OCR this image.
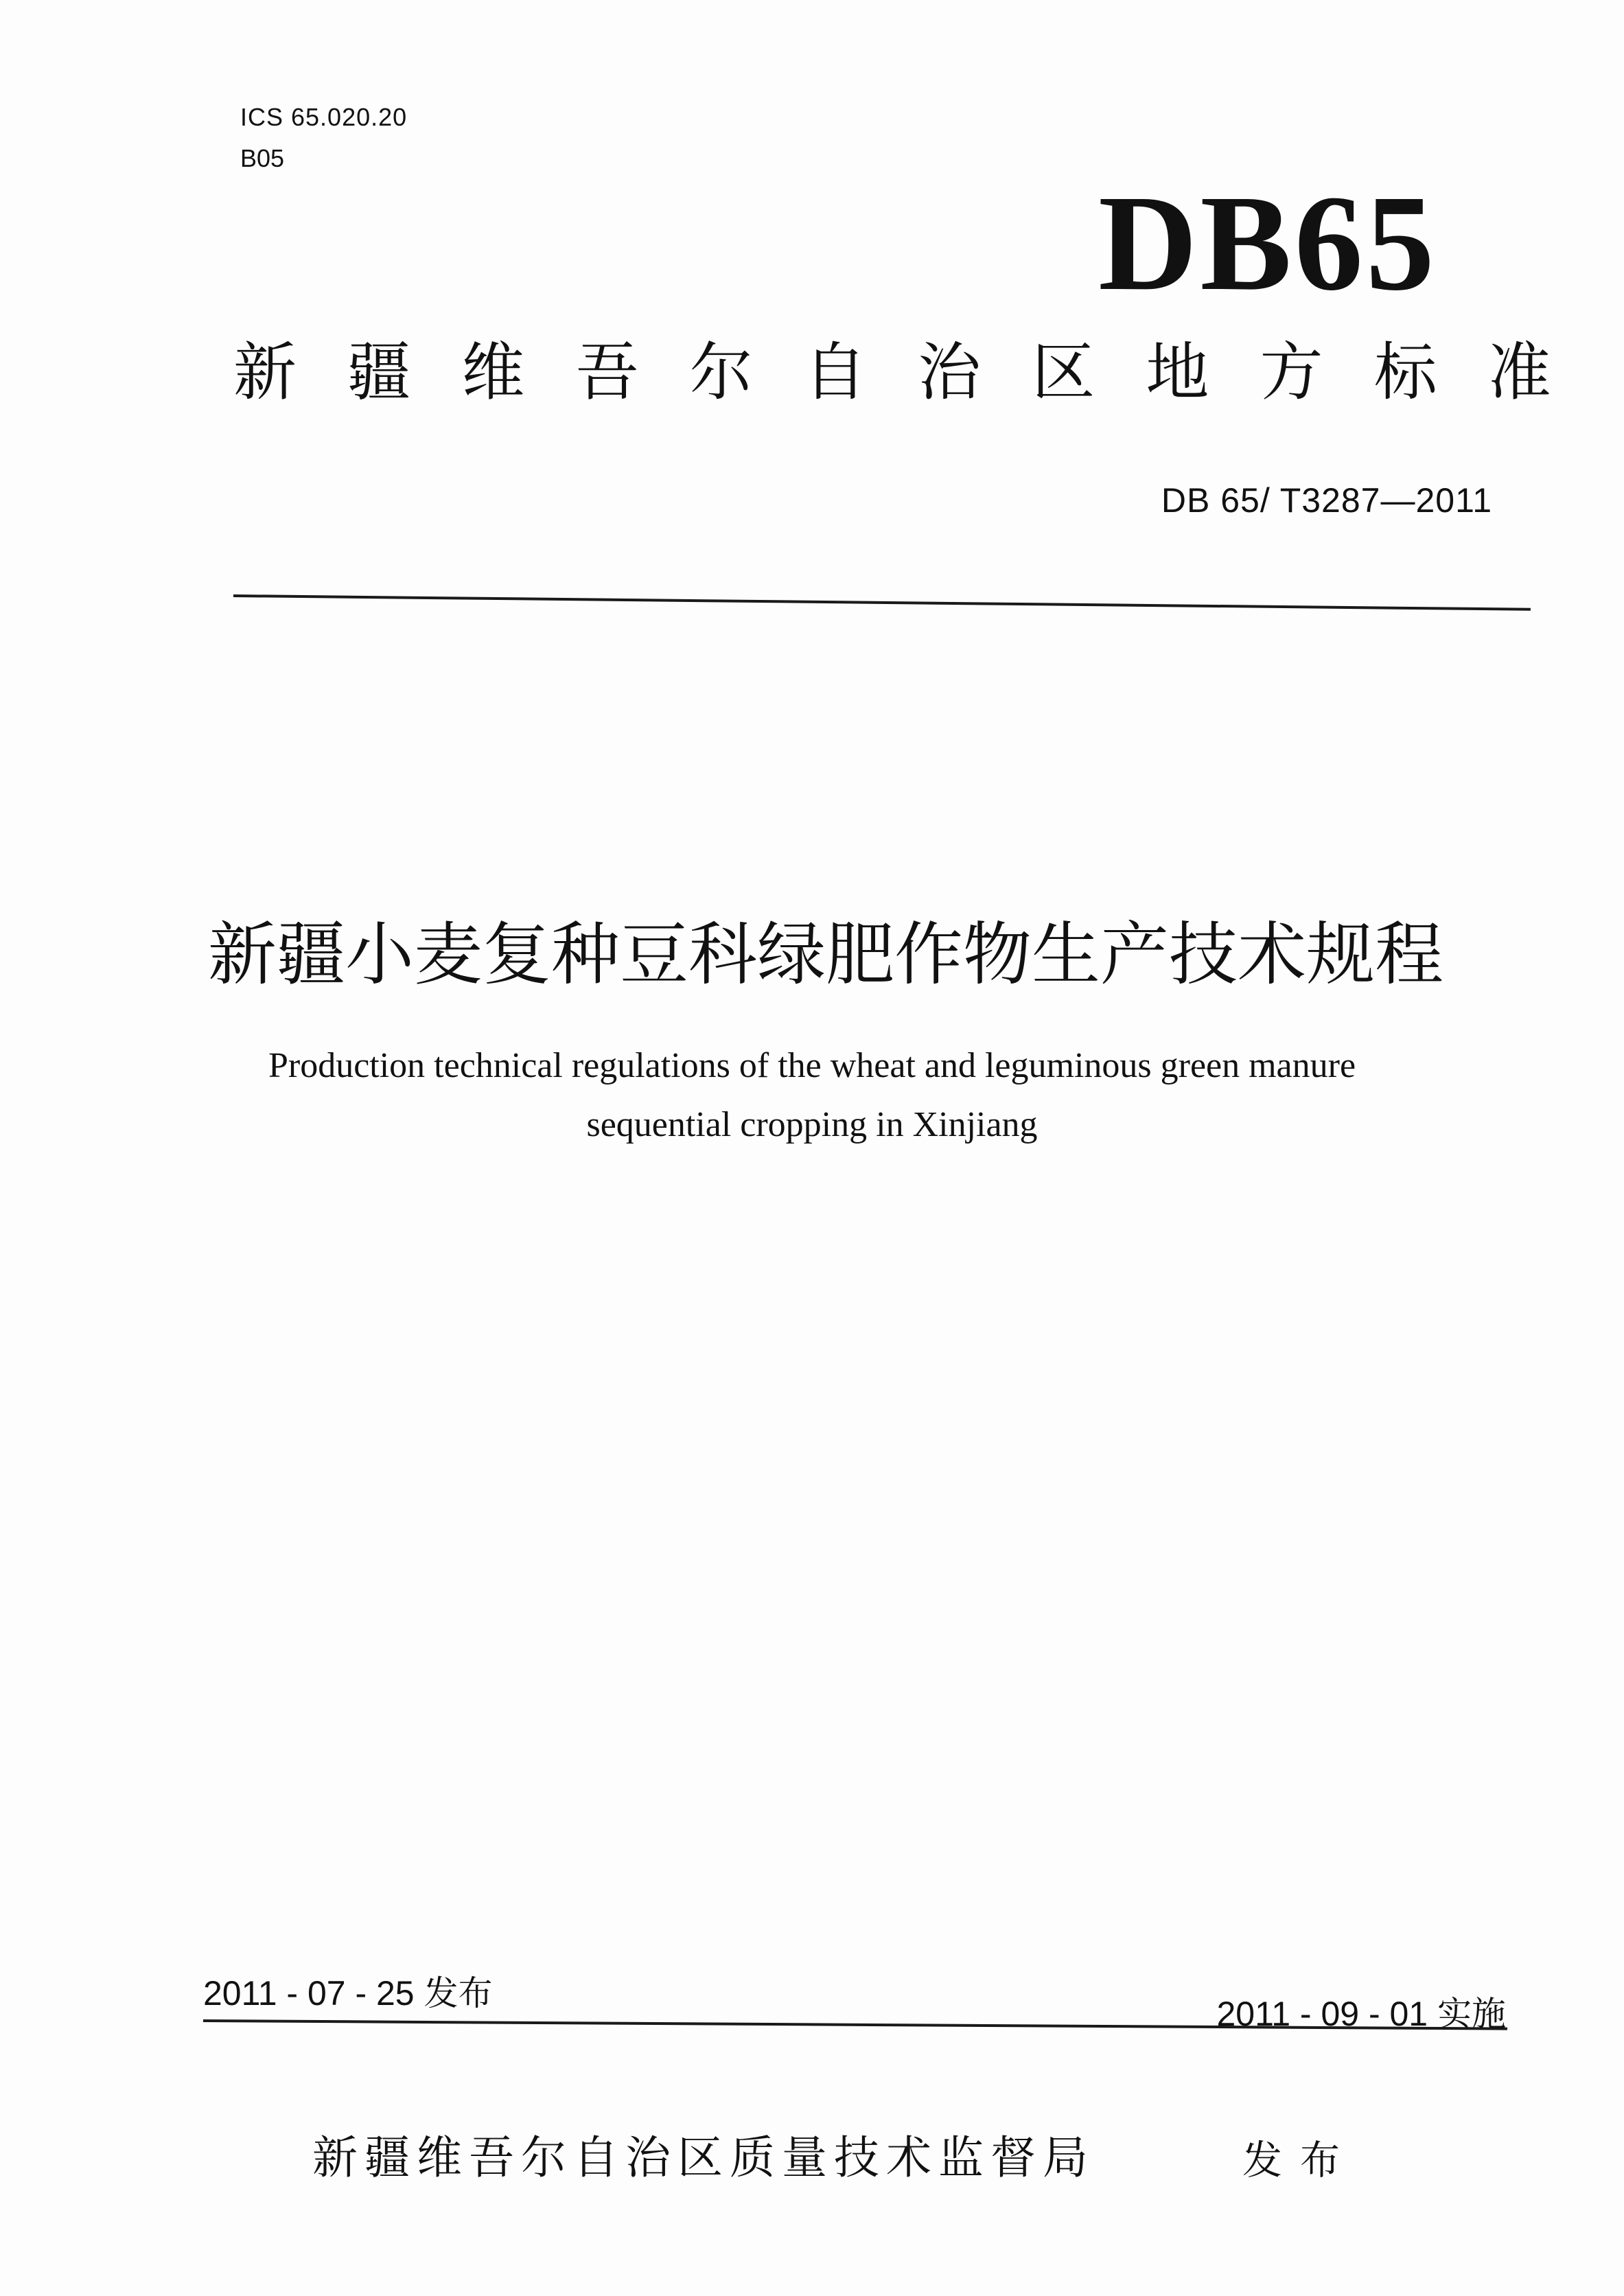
ICS 65.020.20
B05
DB65
新 疆 维 吾 尔 自 治 区 地 方 标 准
DB 65/ T3287—2011
新疆小麦复种豆科绿肥作物生产技术规程
Production technical regulations of the wheat and leguminous green manure
sequential cropping in Xinjiang
2011 - 07 - 25 发布
2011 - 09 - 01 实施
新疆维吾尔自治区质量技术监督局	发布
